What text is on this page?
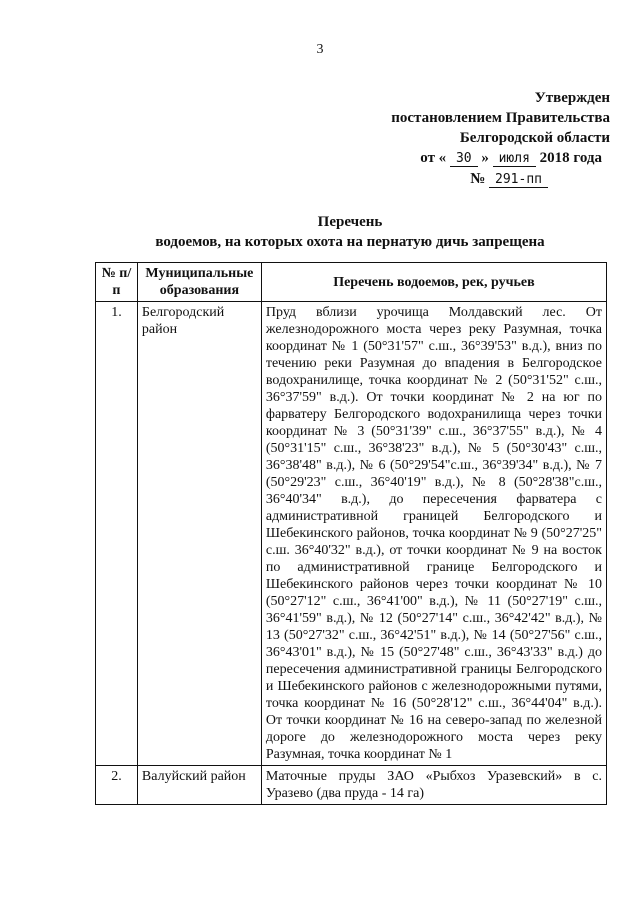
3
Утвержден
постановлением Правительства
Белгородской области
от « 30 » июля 2018 года
№ 291-пп
Перечень
водоемов, на которых охота на пернатую дичь запрещена
№ п/п	Муниципальные образования	Перечень водоемов, рек, ручьев
1.	Белгородский район	Пруд вблизи урочища Молдавский лес. От железнодорожного моста через реку Разумная, точка координат № 1 (50°31'57" с.ш., 36°39'53" в.д.), вниз по течению реки Разумная до впадения в Белгородское водохранилище, точка координат № 2 (50°31'52" с.ш., 36°37'59" в.д.). От точки координат № 2 на юг по фарватеру Белгородского водохранилища через точки координат № 3 (50°31'39" с.ш., 36°37'55" в.д.), № 4 (50°31'15" с.ш., 36°38'23" в.д.), № 5 (50°30'43" с.ш., 36°38'48" в.д.), № 6 (50°29'54"с.ш., 36°39'34" в.д.), № 7 (50°29'23" с.ш., 36°40'19" в.д.), № 8 (50°28'38"с.ш., 36°40'34" в.д.), до пересечения фарватера с административной границей Белгородского и Шебекинского районов, точка координат № 9 (50°27'25" с.ш. 36°40'32" в.д.), от точки координат № 9 на восток по административной границе Белгородского и Шебекинского районов через точки координат № 10 (50°27'12" с.ш., 36°41'00" в.д.), № 11 (50°27'19" с.ш., 36°41'59" в.д.), № 12 (50°27'14" с.ш., 36°42'42" в.д.), № 13 (50°27'32" с.ш., 36°42'51" в.д.), № 14 (50°27'56" с.ш., 36°43'01" в.д.), № 15 (50°27'48" с.ш., 36°43'33" в.д.) до пересечения административной границы Белгородского и Шебекинского районов с железнодорожными путями, точка координат № 16 (50°28'12" с.ш., 36°44'04" в.д.). От точки координат № 16 на северо-запад по железной дороге до железнодорожного моста через реку Разумная, точка координат № 1
2.	Валуйский район	Маточные пруды ЗАО «Рыбхоз Уразевский» в с. Уразево (два пруда - 14 га)
